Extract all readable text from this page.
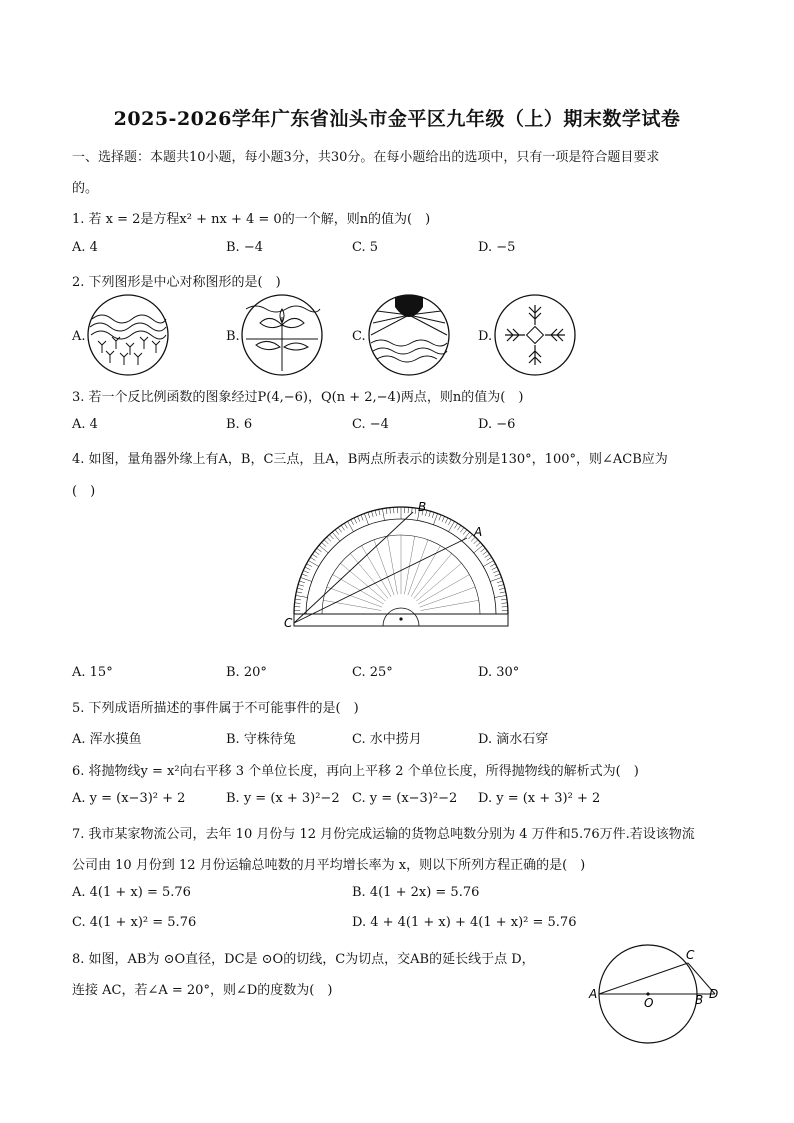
2025-2026学年广东省汕头市金平区九年级（上）期末数学试卷
一、选择题：本题共10小题，每小题3分，共30分。在每小题给出的选项中，只有一项是符合题目要求
的。
1. 若 x = 2是方程x² + nx + 4 = 0的一个解，则n的值为(　)
A. 4	B. −4	C. 5	D. −5
2. 下列图形是中心对称图形的是(　)
A.	B.	C.	D.
3. 若一个反比例函数的图象经过P(4,−6)，Q(n + 2,−4)两点，则n的值为(　)
A. 4	B. 6	C. −4	D. −6
4. 如图，量角器外缘上有A，B，C三点，且A，B两点所表示的读数分别是130°，100°，则∠ACB应为
(　)
C
B
A
A. 15°	B. 20°	C. 25°	D. 30°
5. 下列成语所描述的事件属于不可能事件的是(　)
A. 浑水摸鱼	B. 守株待兔	C. 水中捞月	D. 滴水石穿
6. 将抛物线y = x²向右平移 3 个单位长度，再向上平移 2 个单位长度，所得抛物线的解析式为(　)
A. y = (x−3)² + 2	B. y = (x + 3)²−2 C. y = (x−3)²−2 D. y = (x + 3)² + 2
7. 我市某家物流公司，去年 10 月份与 12 月份完成运输的货物总吨数分别为 4 万件和5.76万件.若设该物流
公司由 10 月份到 12 月份运输总吨数的月平均增长率为 x，则以下所列方程正确的是(　)
A. 4(1 + x) = 5.76	B. 4(1 + 2x) = 5.76
C. 4(1 + x)² = 5.76	D. 4 + 4(1 + x) + 4(1 + x)² = 5.76
8. 如图，AB为 ⊙O直径，DC是 ⊙O的切线，C为切点，交AB的延长线于点 D，
连接 AC，若∠A = 20°，则∠D的度数为(　)	A
O	B
C
D
